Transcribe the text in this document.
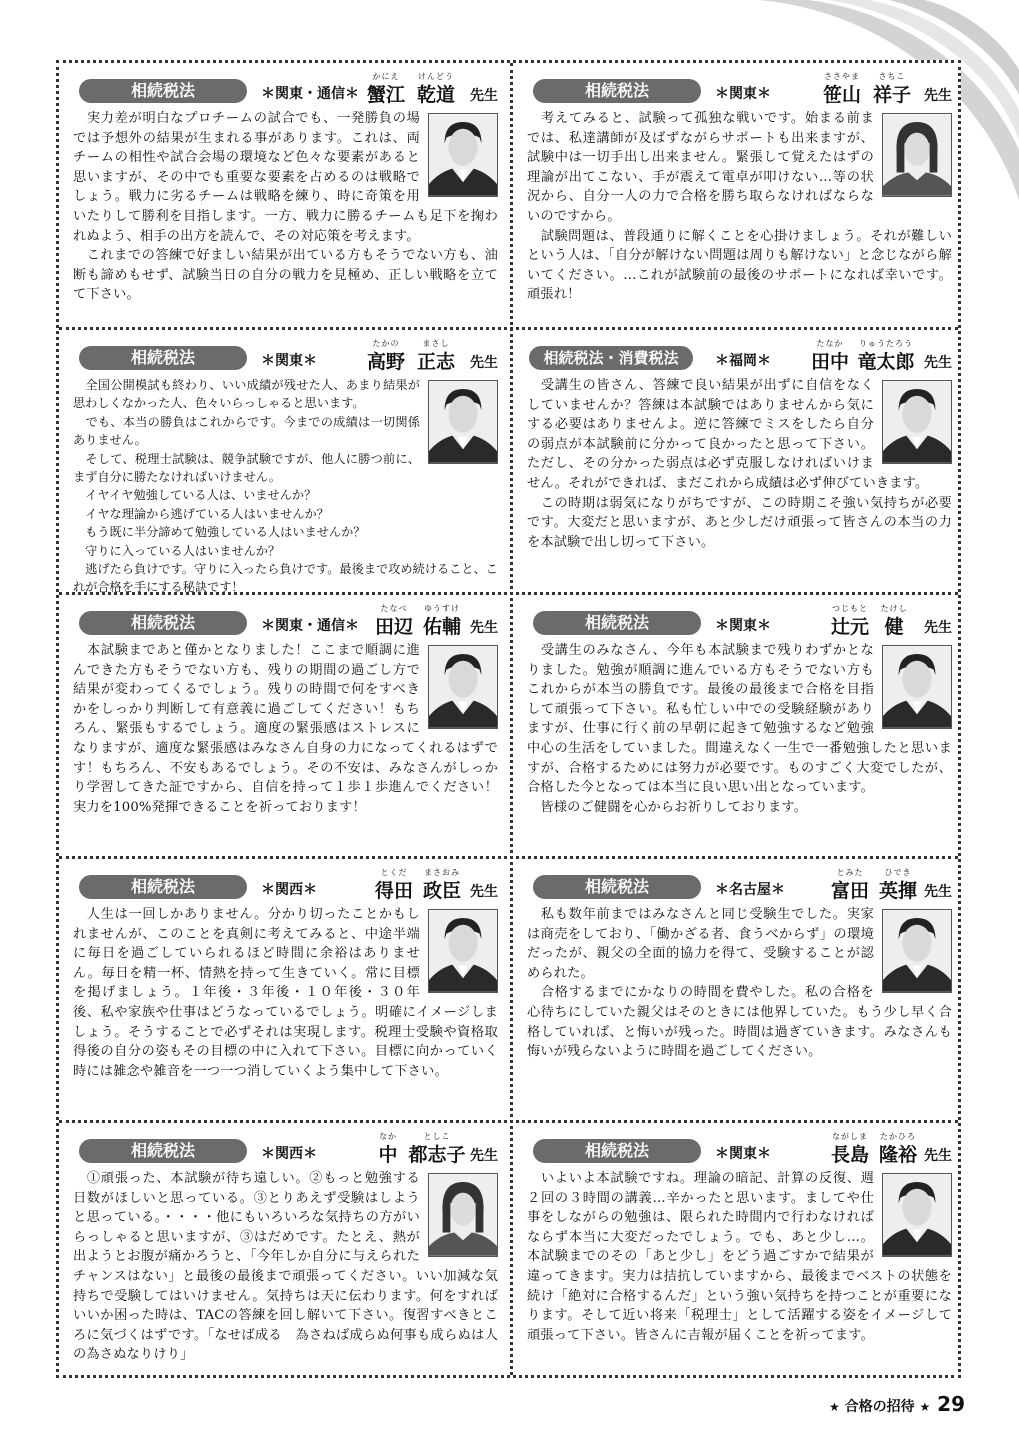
相続税法	＊関東・通信＊
かにえ
蟹江
けんどう
乾道 先生
　実力差が明白なプロチームの試合でも、一発勝負の場では予想外の結果が生まれる事があります。これは、両チームの相性や試合会場の環境など色々な要素があると思いますが、その中でも重要な要素を占めるのは戦略でしょう。戦力に劣るチームは戦略を練り、時に奇策を用いたりして勝利を目指します。一方、戦力に勝るチームも足下を掬われぬよう、相手の出方を読んで、その対応策を考えます。
　これまでの答練で好ましい結果が出ている方もそうでない方も、油断も諦めもせず、試験当日の自分の戦力を見極め、正しい戦略を立てて下さい。
相続税法	＊関東＊
ささやま
笹山
さちこ
祥子 先生
　考えてみると、試験って孤独な戦いです。始まる前までは、私達講師が及ばずながらサポートも出来ますが、試験中は一切手出し出来ません。緊張して覚えたはずの理論が出てこない、手が震えて電卓が叩けない…等の状況から、自分一人の力で合格を勝ち取らなければならないのですから。
　試験問題は、普段通りに解くことを心掛けましょう。それが難しいという人は、「自分が解けない問題は周りも解けない」と念じながら解いてください。…これが試験前の最後のサポートになれば幸いです。頑張れ！
相続税法	＊関東＊
たかの
高野
まさし
正志 先生
　全国公開模試も終わり、いい成績が残せた人、あまり結果が思わしくなかった人、色々いらっしゃると思います。
　でも、本当の勝負はこれからです。今までの成績は一切関係ありません。
　そして、税理士試験は、競争試験ですが、他人に勝つ前に、まず自分に勝たなければいけません。
　イヤイヤ勉強している人は、いませんか？
　イヤな理論から逃げている人はいませんか？
　もう既に半分諦めて勉強している人はいませんか？
　守りに入っている人はいませんか？
　逃げたら負けです。守りに入ったら負けです。最後まで攻め続けること、これが合格を手にする秘訣です！
相続税法・消費税法	＊福岡＊
たなか
田中
りゅうたろう
竜太郎 先生
　受講生の皆さん、答練で良い結果が出ずに自信をなくしていませんか？答練は本試験ではありませんから気にする必要はありませんよ。逆に答練でミスをしたら自分の弱点が本試験前に分かって良かったと思って下さい。ただし、その分かった弱点は必ず克服しなければいけません。それができれば、まだこれから成績は必ず伸びていきます。
　この時期は弱気になりがちですが、この時期こそ強い気持ちが必要です。大変だと思いますが、あと少しだけ頑張って皆さんの本当の力を本試験で出し切って下さい。
相続税法	＊関東・通信＊
たなべ
田辺
ゆうすけ
佑輔 先生
　本試験まであと僅かとなりました！ここまで順調に進んできた方もそうでない方も、残りの期間の過ごし方で結果が変わってくるでしょう。残りの時間で何をすべきかをしっかり判断して有意義に過ごしてください！もちろん、緊張もするでしょう。適度の緊張感はストレスになりますが、適度な緊張感はみなさん自身の力になってくれるはずです！もちろん、不安もあるでしょう。その不安は、みなさんがしっかり学習してきた証ですから、自信を持って１歩１歩進んでください！実力を100%発揮できることを祈っております！
相続税法	＊関東＊
つじもと
辻元
たけし
健	先生
　受講生のみなさん、今年も本試験まで残りわずかとなりました。勉強が順調に進んでいる方もそうでない方もこれからが本当の勝負です。最後の最後まで合格を目指して頑張って下さい。私も忙しい中での受験経験がありますが、仕事に行く前の早朝に起きて勉強するなど勉強中心の生活をしていました。間違えなく一生で一番勉強したと思いますが、合格するためには努力が必要です。ものすごく大変でしたが、合格した今となっては本当に良い思い出となっています。
　皆様のご健闘を心からお祈りしております。
相続税法	＊関西＊
とくだ
得田
まさおみ
政臣 先生
　人生は一回しかありません。分かり切ったことかもしれませんが、このことを真剣に考えてみると、中途半端に毎日を過ごしていられるほど時間に余裕はありません。毎日を精一杯、情熱を持って生きていく。常に目標を掲げましょう。１年後・３年後・１０年後・３０年後、私や家族や仕事はどうなっているでしょう。明確にイメージしましょう。そうすることで必ずそれは実現します。税理士受験や資格取得後の自分の姿もその目標の中に入れて下さい。目標に向かっていく時には雑念や雑音を一つ一つ消していくよう集中して下さい。
相続税法	＊名古屋＊
とみた
富田
ひでき
英揮 先生
　私も数年前まではみなさんと同じ受験生でした。実家は商売をしており、「働かざる者、食うべからず」の環境だったが、親父の全面的協力を得て、受験することが認められた。
　合格するまでにかなりの時間を費やした。私の合格を心待ちにしていた親父はそのときには他界していた。もう少し早く合格していれば、と悔いが残った。時間は過ぎていきます。みなさんも悔いが残らないように時間を過ごしてください。
相続税法	＊関西＊
なか
中
としこ
都志子 先生
　①頑張った、本試験が待ち遠しい。②もっと勉強する日数がほしいと思っている。③とりあえず受験はしようと思っている。・・・・他にもいろいろな気持ちの方がいらっしゃると思いますが、③はだめです。たとえ、熱が出ようとお腹が痛かろうと、「今年しか自分に与えられたチャンスはない」と最後の最後まで頑張ってください。いい加減な気持ちで受験してはいけません。気持ちは天に伝わります。何をすればいいか困った時は、TACの答練を回し解いて下さい。復習すべきところに気づくはずです。「なせば成る　為さねば成らぬ何事も成らぬは人の為さぬなりけり」
相続税法	＊関東＊
ながしま
長島
たかひろ
隆裕 先生
　いよいよ本試験ですね。理論の暗記、計算の反復、週２回の３時間の講義…辛かったと思います。ましてや仕事をしながらの勉強は、限られた時間内で行わなければならず本当に大変だったでしょう。でも、あと少し…。本試験までのその「あと少し」をどう過ごすかで結果が違ってきます。実力は拮抗していますから、最後までベストの状態を続け「絶対に合格するんだ」という強い気持ちを持つことが重要になります。そして近い将来「税理士」として活躍する姿をイメージして頑張って下さい。皆さんに吉報が届くことを祈ってます。
★ 合格の招待 ★ 29
